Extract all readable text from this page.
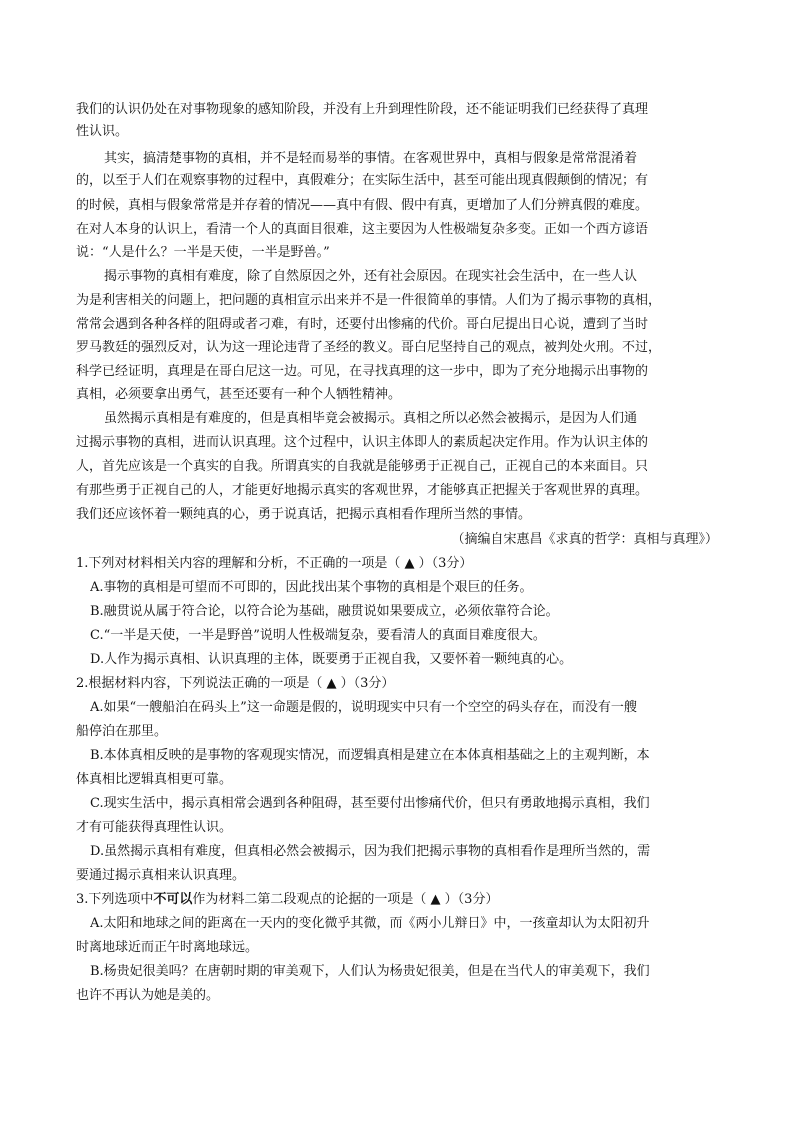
我们的认识仍处在对事物现象的感知阶段，并没有上升到理性阶段，还不能证明我们已经获得了真理
性认识。
其实，搞清楚事物的真相，并不是轻而易举的事情。在客观世界中，真相与假象是常常混淆着
的，以至于人们在观察事物的过程中，真假难分；在实际生活中，甚至可能出现真假颠倒的情况；有
的时候，真相与假象常常是并存着的情况——真中有假、假中有真，更增加了人们分辨真假的难度。
在对人本身的认识上，看清一个人的真面目很难，这主要因为人性极端复杂多变。正如一个西方谚语
说：“人是什么？一半是天使，一半是野兽。”
揭示事物的真相有难度，除了自然原因之外，还有社会原因。在现实社会生活中，在一些人认
为是利害相关的问题上，把问题的真相宣示出来并不是一件很简单的事情。人们为了揭示事物的真相，
常常会遇到各种各样的阻碍或者刁难，有时，还要付出惨痛的代价。哥白尼提出日心说，遭到了当时
罗马教廷的强烈反对，认为这一理论违背了圣经的教义。哥白尼坚持自己的观点，被判处火刑。不过，
科学已经证明，真理是在哥白尼这一边。可见，在寻找真理的这一步中，即为了充分地揭示出事物的
真相，必须要拿出勇气，甚至还要有一种个人牺牲精神。
虽然揭示真相是有难度的，但是真相毕竟会被揭示。真相之所以必然会被揭示，是因为人们通
过揭示事物的真相，进而认识真理。这个过程中，认识主体即人的素质起决定作用。作为认识主体的
人，首先应该是一个真实的自我。所谓真实的自我就是能够勇于正视自己，正视自己的本来面目。只
有那些勇于正视自己的人，才能更好地揭示真实的客观世界，才能够真正把握关于客观世界的真理。
我们还应该怀着一颗纯真的心，勇于说真话，把揭示真相看作理所当然的事情。
（摘编自宋惠昌《求真的哲学：真相与真理》）
1.下列对材料相关内容的理解和分析，不正确的一项是（ ▲ ）（3分）
A.事物的真相是可望而不可即的，因此找出某个事物的真相是个艰巨的任务。
B.融贯说从属于符合论，以符合论为基础，融贯说如果要成立，必须依靠符合论。
C.“一半是天使，一半是野兽”说明人性极端复杂，要看清人的真面目难度很大。
D.人作为揭示真相、认识真理的主体，既要勇于正视自我，又要怀着一颗纯真的心。
2.根据材料内容，下列说法正确的一项是（ ▲ ）（3分）
A.如果“一艘船泊在码头上”这一命题是假的，说明现实中只有一个空空的码头存在，而没有一艘
船停泊在那里。
B.本体真相反映的是事物的客观现实情况，而逻辑真相是建立在本体真相基础之上的主观判断，本
体真相比逻辑真相更可靠。
C.现实生活中，揭示真相常会遇到各种阻碍，甚至要付出惨痛代价，但只有勇敢地揭示真相，我们
才有可能获得真理性认识。
D.虽然揭示真相有难度，但真相必然会被揭示，因为我们把揭示事物的真相看作是理所当然的，需
要通过揭示真相来认识真理。
3.下列选项中不可以作为材料二第二段观点的论据的一项是（ ▲ ）（3分）
A.太阳和地球之间的距离在一天内的变化微乎其微，而《两小儿辩日》中，一孩童却认为太阳初升
时离地球近而正午时离地球远。
B.杨贵妃很美吗？在唐朝时期的审美观下，人们认为杨贵妃很美，但是在当代人的审美观下，我们
也许不再认为她是美的。
